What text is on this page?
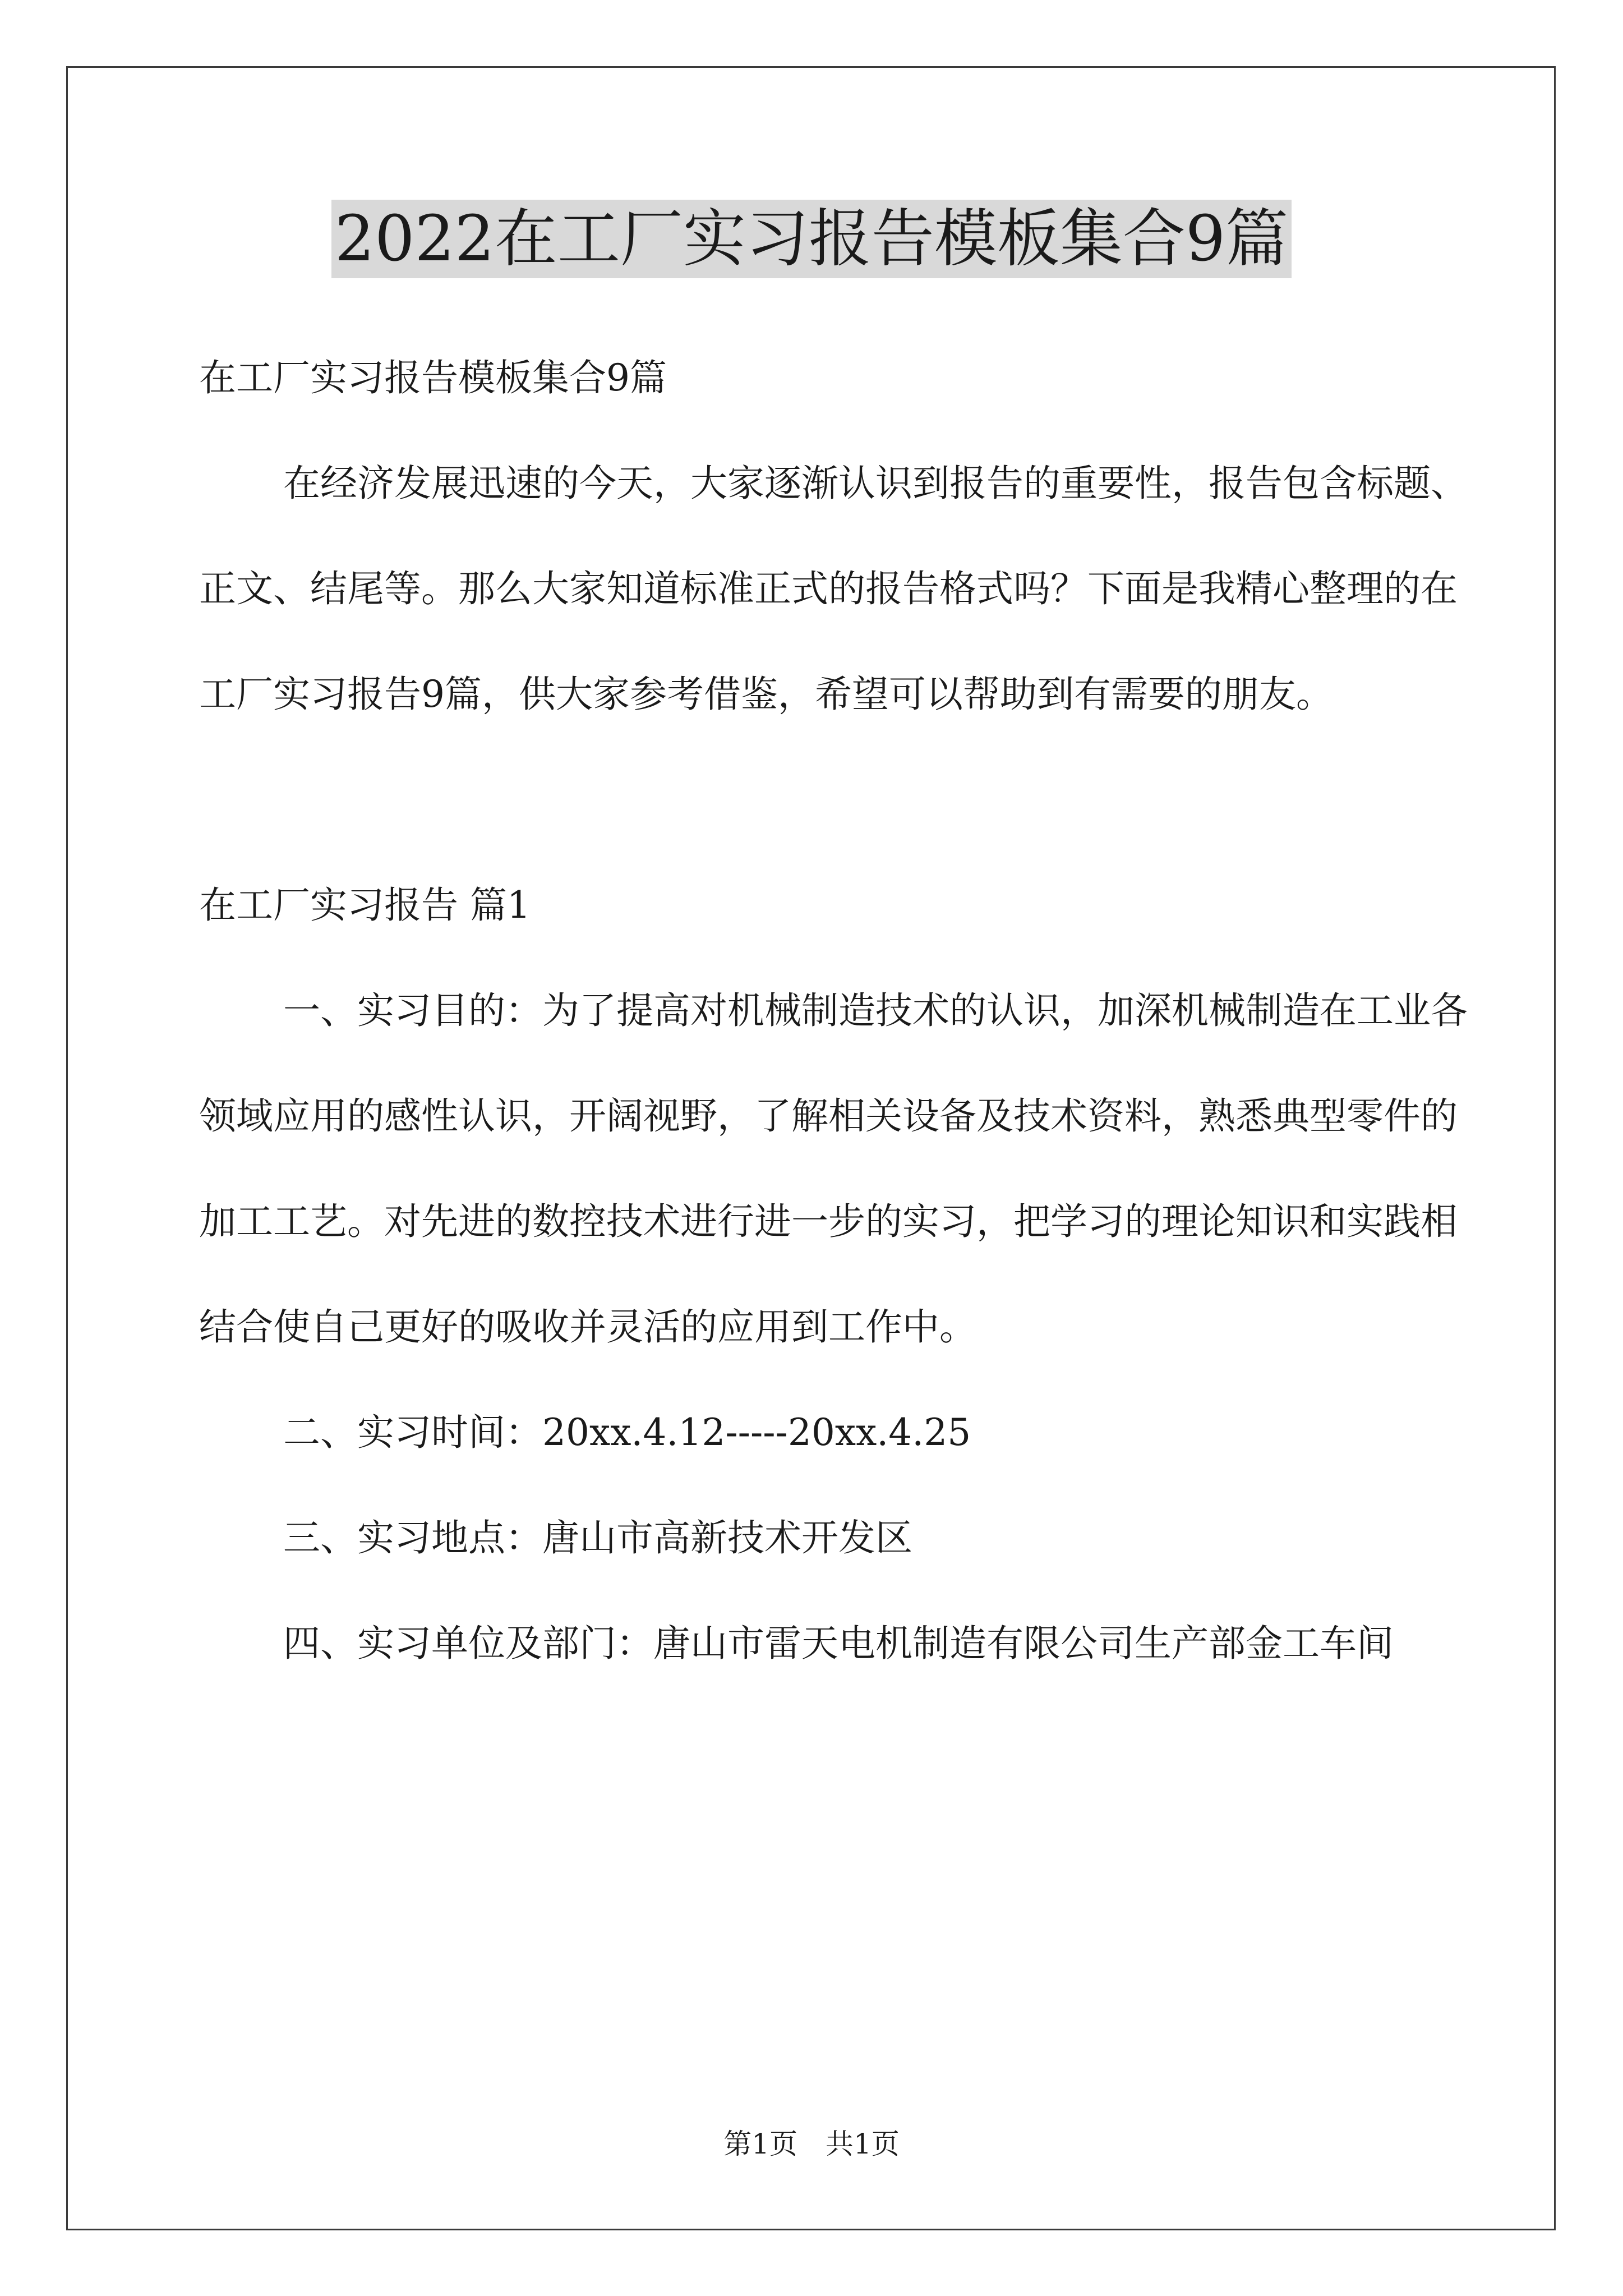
2022在工厂实习报告模板集合9篇

在工厂实习报告模板集合9篇

在经济发展迅速的今天，大家逐渐认识到报告的重要性，报告包含标题、正文、结尾等。那么大家知道标准正式的报告格式吗？下面是我精心整理的在工厂实习报告9篇，供大家参考借鉴，希望可以帮助到有需要的朋友。

在工厂实习报告 篇1

一、实习目的：为了提高对机械制造技术的认识，加深机械制造在工业各领域应用的感性认识，开阔视野，了解相关设备及技术资料，熟悉典型零件的加工工艺。对先进的数控技术进行进一步的实习，把学习的理论知识和实践相结合使自己更好的吸收并灵活的应用到工作中。

二、实习时间：20xx.4.12-----20xx.4.25

三、实习地点：唐山市高新技术开发区

四、实习单位及部门：唐山市雷天电机制造有限公司生产部金工车间

第1页　共1页
